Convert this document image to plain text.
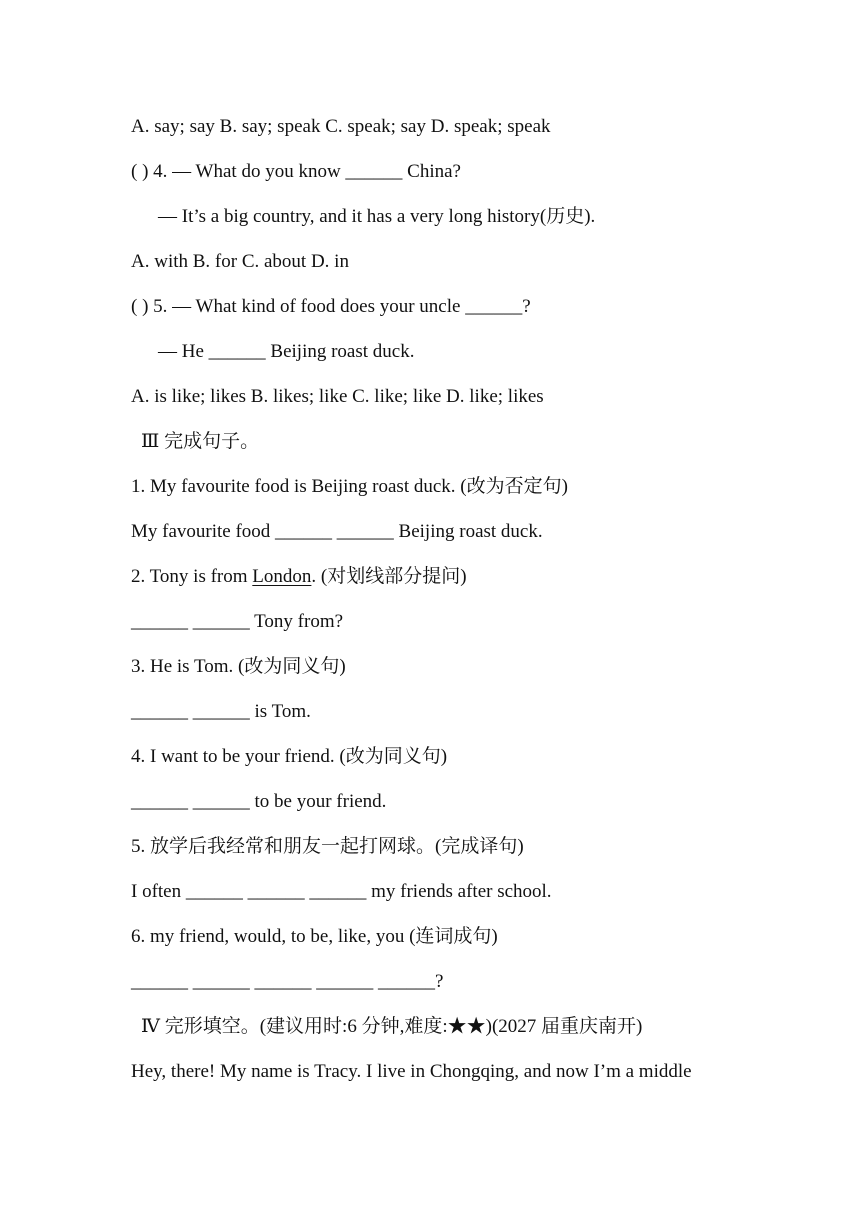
A. say; say B. say; speak C. speak; say D. speak; speak
( ) 4. — What do you know ______ China?
— It’s a big country, and it has a very long history(历史).
A. with B. for C. about D. in
( ) 5. — What kind of food does your uncle ______?
— He ______ Beijing roast duck.
A. is like; likes B. likes; like C. like; like D. like; likes
Ⅲ 完成句子。
1. My favourite food is Beijing roast duck. (改为否定句)
My favourite food ______ ______ Beijing roast duck.
2. Tony is from London. (对划线部分提问)
______ ______ Tony from?
3. He is Tom. (改为同义句)
______ ______ is Tom.
4. I want to be your friend. (改为同义句)
______ ______ to be your friend.
5. 放学后我经常和朋友一起打网球。(完成译句)
I often ______ ______ ______ my friends after school.
6. my friend, would, to be, like, you (连词成句)
______ ______ ______ ______ ______?
Ⅳ 完形填空。(建议用时:6 分钟,难度:★★)(2027 届重庆南开)
Hey, there! My name is Tracy. I live in Chongqing, and now I’m a middle
